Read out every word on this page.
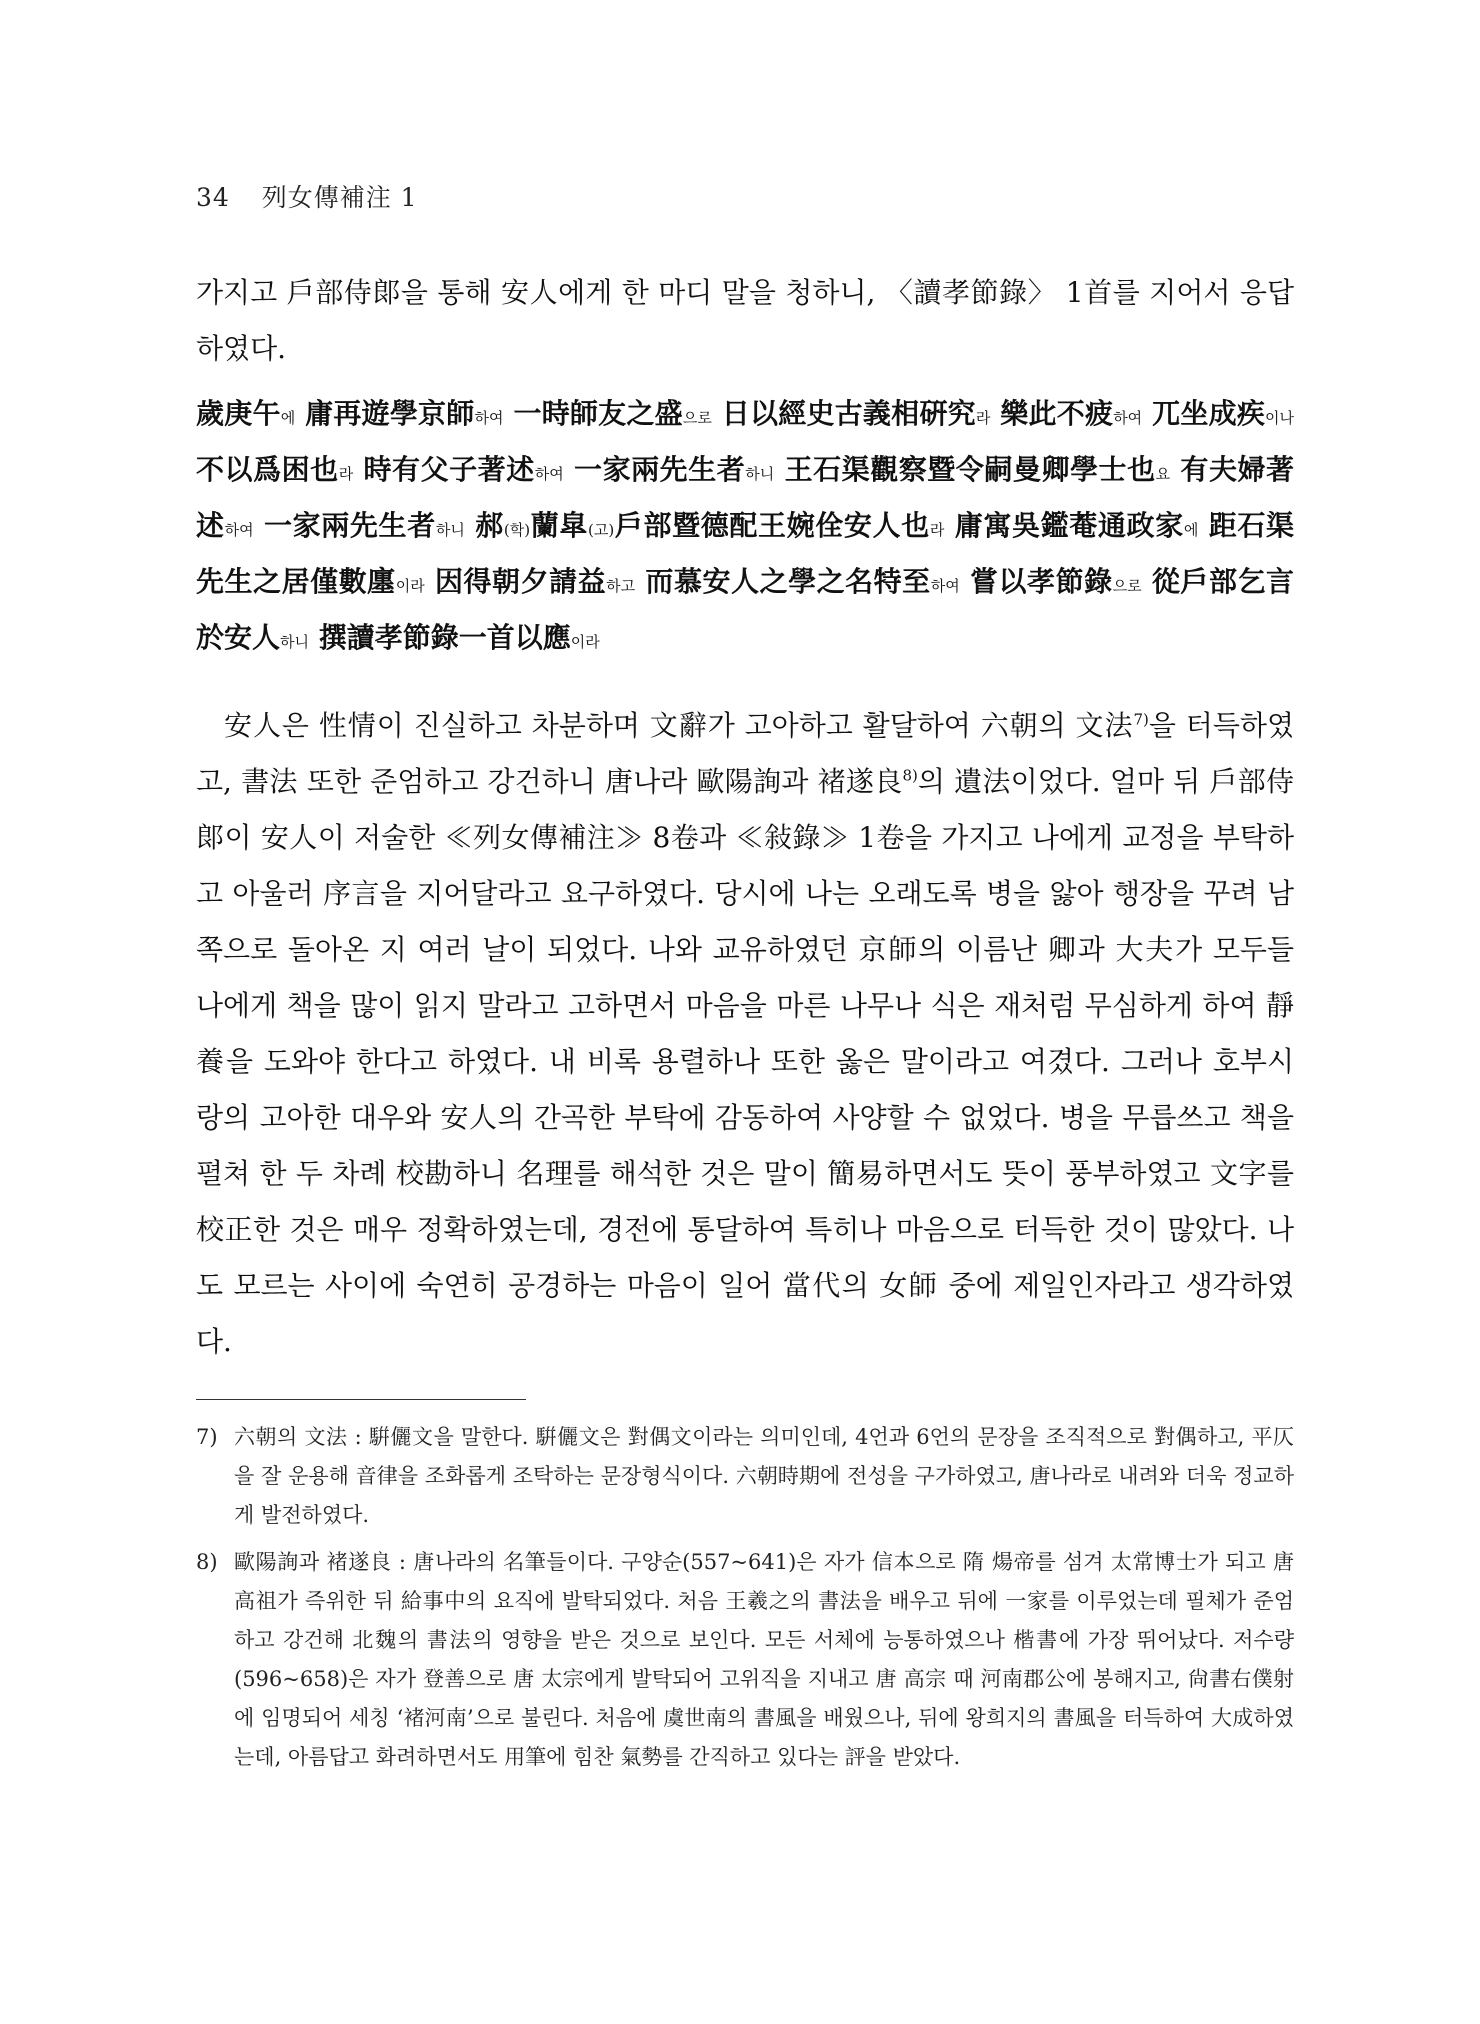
34 列女傳補注 1

가지고 戶部侍郞을 통해 安人에게 한 마디 말을 청하니, 〈讀孝節錄〉 1首를 지어서 응답하였다.

歲庚午에 庸再遊學京師하여 一時師友之盛으로 日以經史古義相硏究라 樂此不疲하여 兀坐成疾이나 不以爲困也라 時有父子著述하여 一家兩先生者하니 王石渠觀察暨令嗣曼卿學士也요 有夫婦著述하여 一家兩先生者하니 郝(학)蘭皐(고)戶部暨德配王婉佺安人也라 庸寓吳鑑菴通政家에 距石渠先生之居僅數廛이라 因得朝夕請益하고 而慕安人之學之名特至하여 嘗以孝節錄으로 從戶部乞言於安人하니 撰讀孝節錄一首以應이라

安人은 性情이 진실하고 차분하며 文辭가 고아하고 활달하여 六朝의 文法$^{7)}$을 터득하였고, 書法 또한 준엄하고 강건하니 唐나라 歐陽詢과 褚遂良$^{8)}$의 遺法이었다. 얼마 뒤 戶部侍郞이 安人이 저술한 ≪列女傳補注≫ 8卷과 ≪敍錄≫ 1卷을 가지고 나에게 교정을 부탁하고 아울러 序言을 지어달라고 요구하였다. 당시에 나는 오래도록 병을 앓아 행장을 꾸려 남쪽으로 돌아온 지 여러 날이 되었다. 나와 교유하였던 京師의 이름난 卿과 大夫가 모두들 나에게 책을 많이 읽지 말라고 고하면서 마음을 마른 나무나 식은 재처럼 무심하게 하여 靜養을 도와야 한다고 하였다. 내 비록 용렬하나 또한 옳은 말이라고 여겼다. 그러나 호부시랑의 고아한 대우와 安人의 간곡한 부탁에 감동하여 사양할 수 없었다. 병을 무릅쓰고 책을 펼쳐 한 두 차례 校勘하니 名理를 해석한 것은 말이 簡易하면서도 뜻이 풍부하였고 文字를 校正한 것은 매우 정확하였는데, 경전에 통달하여 특히나 마음으로 터득한 것이 많았다. 나도 모르는 사이에 숙연히 공경하는 마음이 일어 當代의 女師 중에 제일인자라고 생각하였다.

7) 六朝의 文法 : 騈儷文을 말한다. 騈儷文은 對偶文이라는 의미인데, 4언과 6언의 문장을 조직적으로 對偶하고, 平仄을 잘 운용해 音律을 조화롭게 조탁하는 문장형식이다. 六朝時期에 전성을 구가하였고, 唐나라로 내려와 더욱 정교하게 발전하였다.

8) 歐陽詢과 褚遂良 : 唐나라의 名筆들이다. 구양순(557~641)은 자가 信本으로 隋 煬帝를 섬겨 太常博士가 되고 唐 高祖가 즉위한 뒤 給事中의 요직에 발탁되었다. 처음 王羲之의 書法을 배우고 뒤에 一家를 이루었는데 필체가 준엄하고 강건해 北魏의 書法의 영향을 받은 것으로 보인다. 모든 서체에 능통하였으나 楷書에 가장 뛰어났다. 저수량(596~658)은 자가 登善으로 唐 太宗에게 발탁되어 고위직을 지내고 唐 高宗 때 河南郡公에 봉해지고, 尙書右僕射에 임명되어 세칭 ‘褚河南’으로 불린다. 처음에 虞世南의 書風을 배웠으나, 뒤에 왕희지의 書風을 터득하여 大成하였는데, 아름답고 화려하면서도 用筆에 힘찬 氣勢를 간직하고 있다는 評을 받았다.
